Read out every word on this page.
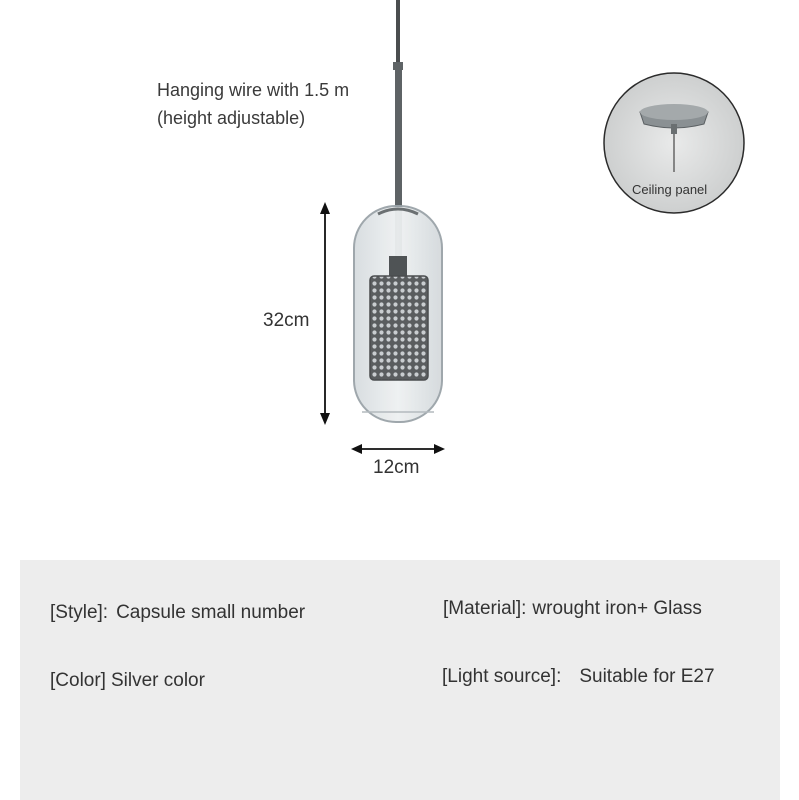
Hanging wire with 1.5 m
(height adjustable)
32cm
12cm
Ceiling panel
[Style]: Capsule small number	[Material]: wrought iron+ Glass
[Color] Silver color	[Light source]: Suitable for E27
